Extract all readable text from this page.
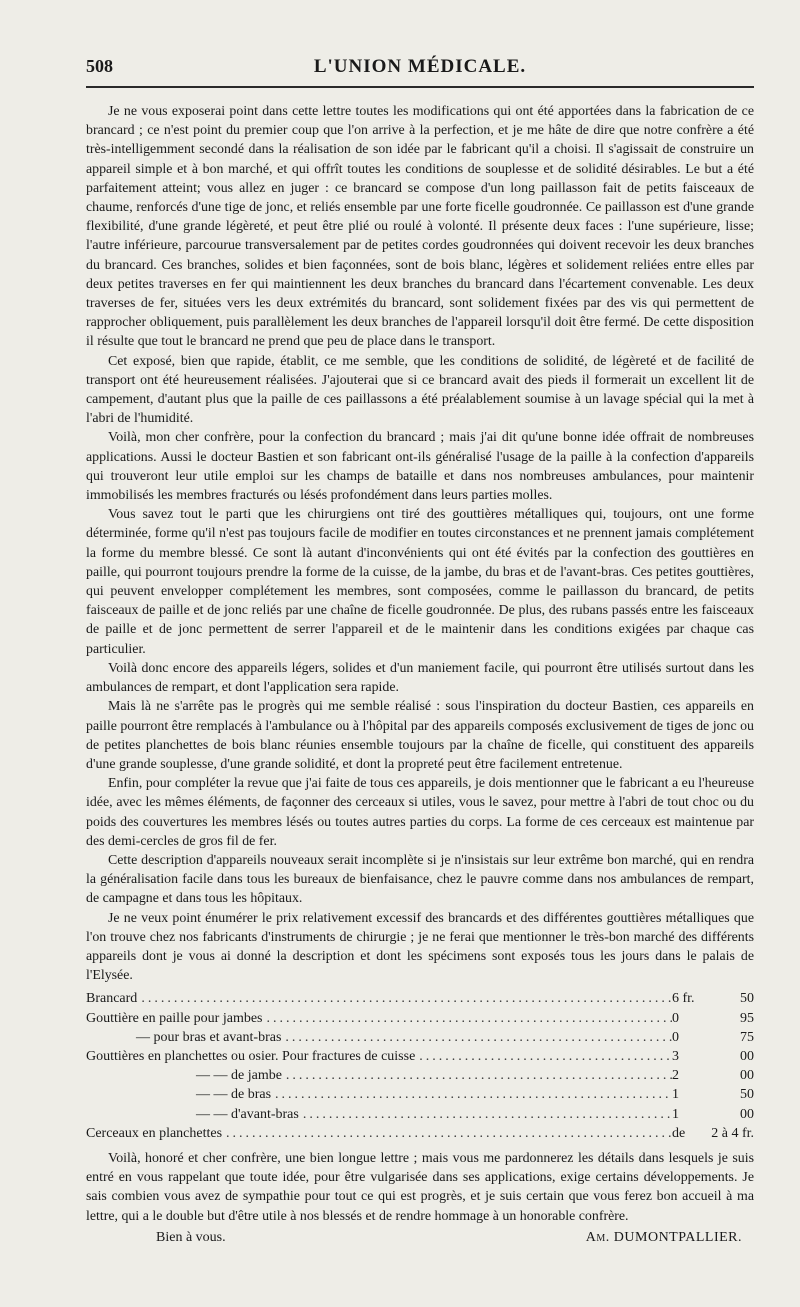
508	L'UNION MÉDICALE.

Je ne vous exposerai point dans cette lettre toutes les modifications qui ont été apportées dans la fabrication de ce brancard ; ce n'est point du premier coup que l'on arrive à la perfection, et je me hâte de dire que notre confrère a été très-intelligemment secondé dans la réalisation de son idée par le fabricant qu'il a choisi. Il s'agissait de construire un appareil simple et à bon marché, et qui offrît toutes les conditions de souplesse et de solidité désirables. Le but a été parfaitement atteint; vous allez en juger : ce brancard se compose d'un long paillasson fait de petits faisceaux de chaume, renforcés d'une tige de jonc, et reliés ensemble par une forte ficelle goudronnée. Ce paillasson est d'une grande flexibilité, d'une grande légèreté, et peut être plié ou roulé à volonté. Il présente deux faces : l'une supérieure, lisse; l'autre inférieure, parcourue transversalement par de petites cordes goudronnées qui doivent recevoir les deux branches du brancard. Ces branches, solides et bien façonnées, sont de bois blanc, légères et solidement reliées entre elles par deux petites traverses en fer qui maintiennent les deux branches du brancard dans l'écartement convenable. Les deux traverses de fer, situées vers les deux extrémités du brancard, sont solidement fixées par des vis qui permettent de rapprocher obliquement, puis parallèlement les deux branches de l'appareil lorsqu'il doit être fermé. De cette disposition il résulte que tout le brancard ne prend que peu de place dans le transport.

Cet exposé, bien que rapide, établit, ce me semble, que les conditions de solidité, de légèreté et de facilité de transport ont été heureusement réalisées. J'ajouterai que si ce brancard avait des pieds il formerait un excellent lit de campement, d'autant plus que la paille de ces paillassons a été préalablement soumise à un lavage spécial qui la met à l'abri de l'humidité.

Voilà, mon cher confrère, pour la confection du brancard ; mais j'ai dit qu'une bonne idée offrait de nombreuses applications. Aussi le docteur Bastien et son fabricant ont-ils généralisé l'usage de la paille à la confection d'appareils qui trouveront leur utile emploi sur les champs de bataille et dans nos nombreuses ambulances, pour maintenir immobilisés les membres fracturés ou lésés profondément dans leurs parties molles.

Vous savez tout le parti que les chirurgiens ont tiré des gouttières métalliques qui, toujours, ont une forme déterminée, forme qu'il n'est pas toujours facile de modifier en toutes circonstances et ne prennent jamais complétement la forme du membre blessé. Ce sont là autant d'inconvénients qui ont été évités par la confection des gouttières en paille, qui pourront toujours prendre la forme de la cuisse, de la jambe, du bras et de l'avant-bras. Ces petites gouttières, qui peuvent envelopper complétement les membres, sont composées, comme le paillasson du brancard, de petits faisceaux de paille et de jonc reliés par une chaîne de ficelle goudronnée. De plus, des rubans passés entre les faisceaux de paille et de jonc permettent de serrer l'appareil et de le maintenir dans les conditions exigées par chaque cas particulier.

Voilà donc encore des appareils légers, solides et d'un maniement facile, qui pourront être utilisés surtout dans les ambulances de rempart, et dont l'application sera rapide.

Mais là ne s'arrête pas le progrès qui me semble réalisé : sous l'inspiration du docteur Bastien, ces appareils en paille pourront être remplacés à l'ambulance ou à l'hôpital par des appareils composés exclusivement de tiges de jonc ou de petites planchettes de bois blanc réunies ensemble toujours par la chaîne de ficelle, qui constituent des appareils d'une grande souplesse, d'une grande solidité, et dont la propreté peut être facilement entretenue.

Enfin, pour compléter la revue que j'ai faite de tous ces appareils, je dois mentionner que le fabricant a eu l'heureuse idée, avec les mêmes éléments, de façonner des cerceaux si utiles, vous le savez, pour mettre à l'abri de tout choc ou du poids des couvertures les membres lésés ou toutes autres parties du corps. La forme de ces cerceaux est maintenue par des demi-cercles de gros fil de fer.

Cette description d'appareils nouveaux serait incomplète si je n'insistais sur leur extrême bon marché, qui en rendra la généralisation facile dans tous les bureaux de bienfaisance, chez le pauvre comme dans nos ambulances de rempart, de campagne et dans tous les hôpitaux.

Je ne veux point énumérer le prix relativement excessif des brancards et des différentes gouttières métalliques que l'on trouve chez nos fabricants d'instruments de chirurgie ; je ne ferai que mentionner le très-bon marché des différents appareils dont je vous ai donné la description et dont les spécimens sont exposés tous les jours dans le palais de l'Elysée.

Brancard .....	6 fr.	50
Gouttière en paille pour jambes .....	0	95
— pour bras et avant-bras .....	0	75
Gouttières en planchettes ou osier. Pour fractures de cuisse .....	3	00
— — de jambe .....	2	00
— — de bras .....	1	50
— — d'avant-bras .....	1	00
Cerceaux en planchettes .....	de	2 à 4 fr.

Voilà, honoré et cher confrère, une bien longue lettre ; mais vous me pardonnerez les détails dans lesquels je suis entré en vous rappelant que toute idée, pour être vulgarisée dans ses applications, exige certains développements. Je sais combien vous avez de sympathie pour tout ce qui est progrès, et je suis certain que vous ferez bon accueil à ma lettre, qui a le double but d'être utile à nos blessés et de rendre hommage à un honorable confrère.

Bien à vous.	Am. DUMONTPALLIER.
